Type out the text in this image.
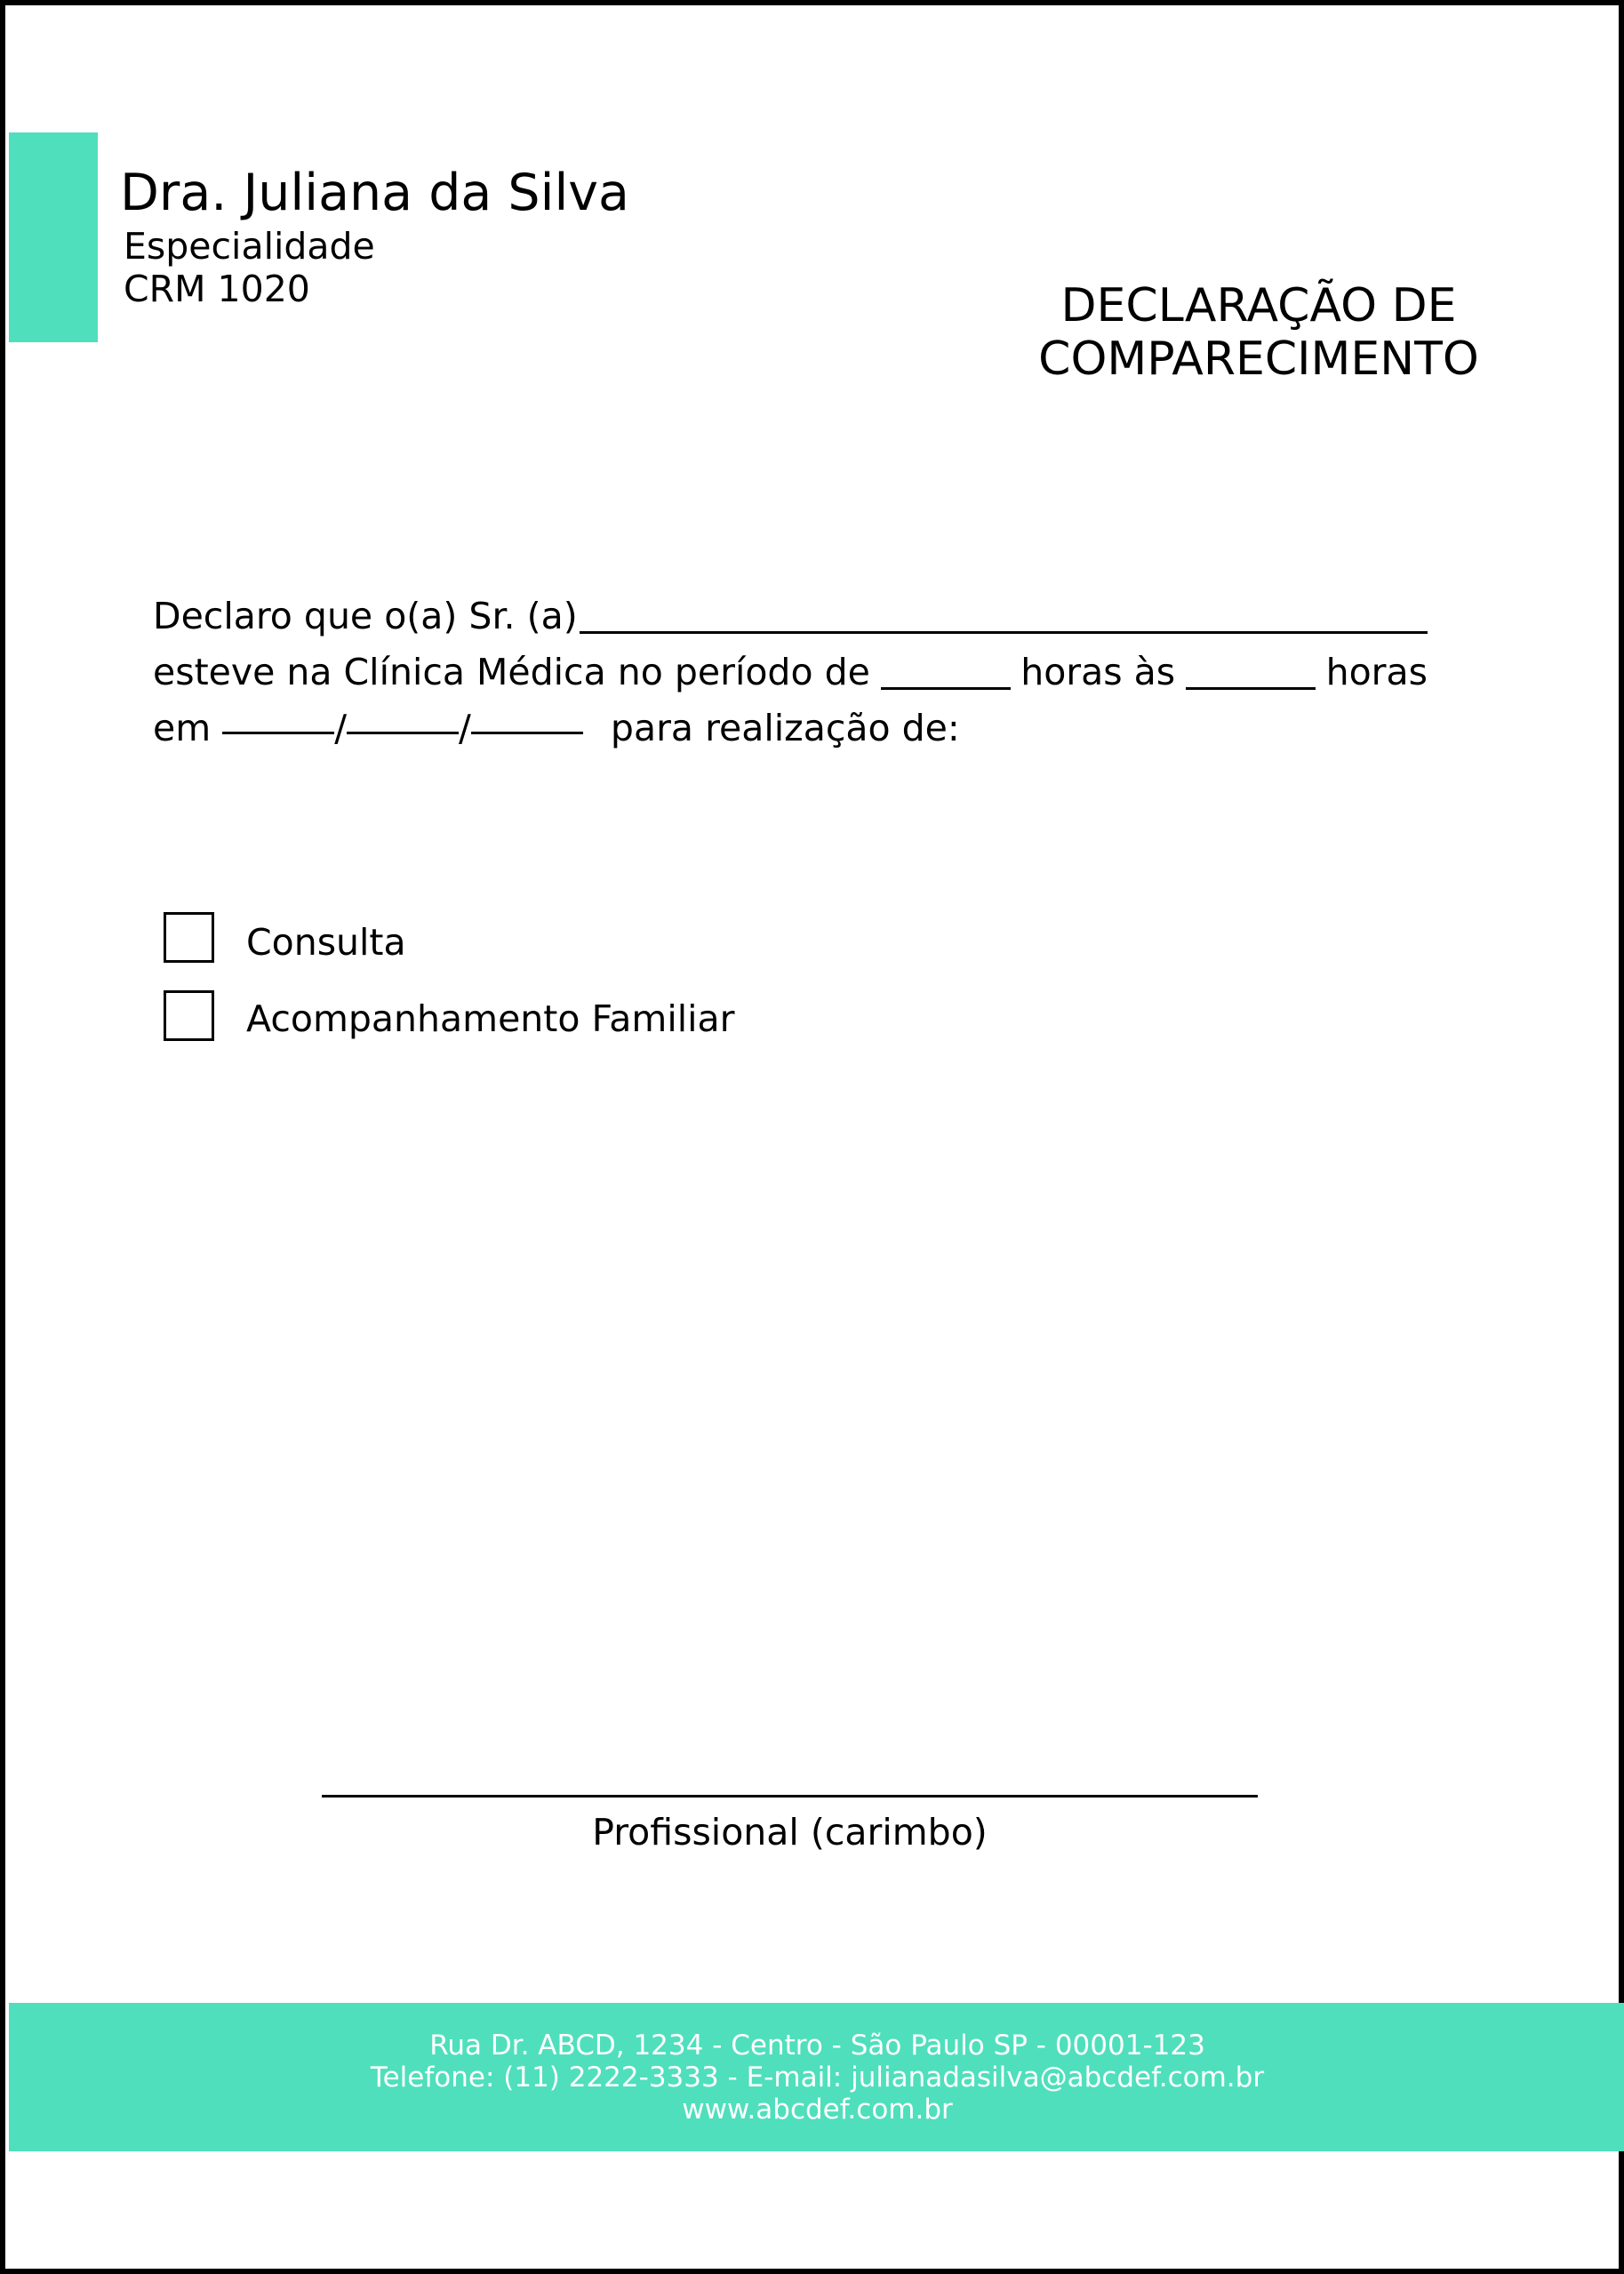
Dra. Juliana da Silva
Especialidade
CRM 1020	DECLARAÇÃO DE
COMPARECIMENTO
Declaro que o(a) Sr. (a)
esteve na Clínica Médica no período de	horas às	horas
em	/	/	para realização de:
Consulta
Acompanhamento Familiar
Profissional (carimbo)
Rua Dr. ABCD, 1234 - Centro - São Paulo SP - 00001-123
Telefone: (11) 2222-3333 - E-mail: julianadasilva@abcdef.com.br
www.abcdef.com.br
